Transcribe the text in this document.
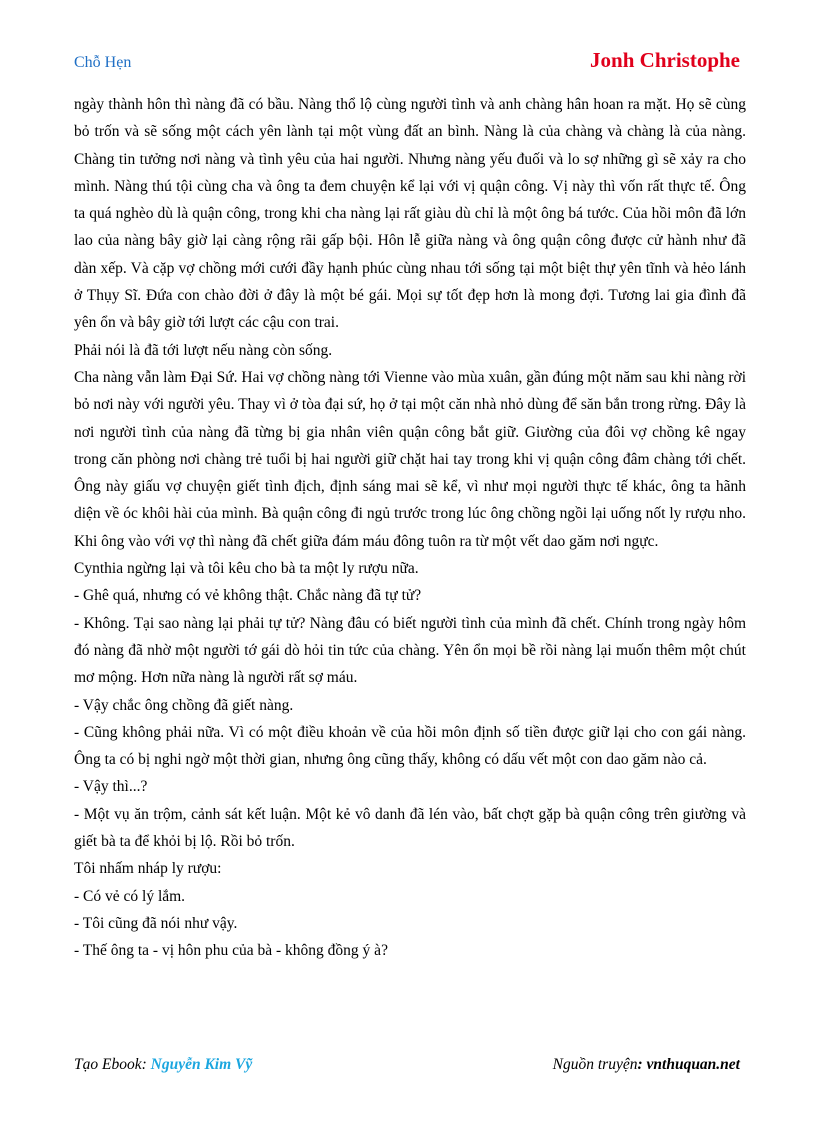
Chỗ Hẹn	Jonh Christophe

ngày thành hôn thì nàng đã có bầu. Nàng thổ lộ cùng người tình và anh chàng hân hoan ra mặt. Họ sẽ cùng bỏ trốn và sẽ sống một cách yên lành tại một vùng đất an bình. Nàng là của chàng và chàng là của nàng. Chàng tin tưởng nơi nàng và tình yêu của hai người. Nhưng nàng yếu đuối và lo sợ những gì sẽ xảy ra cho mình. Nàng thú tội cùng cha và ông ta đem chuyện kể lại với vị quận công. Vị này thì vốn rất thực tế. Ông ta quá nghèo dù là quận công, trong khi cha nàng lại rất giàu dù chỉ là một ông bá tước. Của hồi môn đã lớn lao của nàng bây giờ lại càng rộng rãi gấp bội. Hôn lễ giữa nàng và ông quận công được cử hành như đã dàn xếp. Và cặp vợ chồng mới cưới đầy hạnh phúc cùng nhau tới sống tại một biệt thự yên tĩnh và hẻo lánh ở Thụy Sĩ. Đứa con chào đời ở đây là một bé gái. Mọi sự tốt đẹp hơn là mong đợi. Tương lai gia đình đã yên ổn và bây giờ tới lượt các cậu con trai.

Phải nói là đã tới lượt nếu nàng còn sống.

Cha nàng vẫn làm Đại Sứ. Hai vợ chồng nàng tới Vienne vào mùa xuân, gần đúng một năm sau khi nàng rời bỏ nơi này với người yêu. Thay vì ở tòa đại sứ, họ ở tại một căn nhà nhỏ dùng để săn bắn trong rừng. Đây là nơi người tình của nàng đã từng bị gia nhân viên quận công bắt giữ. Giường của đôi vợ chồng kê ngay trong căn phòng nơi chàng trẻ tuổi bị hai người giữ chặt hai tay trong khi vị quận công đâm chàng tới chết. Ông này giấu vợ chuyện giết tình địch, định sáng mai sẽ kể, vì như mọi người thực tế khác, ông ta hãnh diện về óc khôi hài của mình. Bà quận công đi ngủ trước trong lúc ông chồng ngồi lại uống nốt ly rượu nho. Khi ông vào với vợ thì nàng đã chết giữa đám máu đông tuôn ra từ một vết dao găm nơi ngực.

Cynthia ngừng lại và tôi kêu cho bà ta một ly rượu nữa.

- Ghê quá, nhưng có vẻ không thật. Chắc nàng đã tự tử?

- Không. Tại sao nàng lại phải tự tử? Nàng đâu có biết người tình của mình đã chết. Chính trong ngày hôm đó nàng đã nhờ một người tớ gái dò hỏi tin tức của chàng. Yên ổn mọi bề rồi nàng lại muốn thêm một chút mơ mộng. Hơn nữa nàng là người rất sợ máu.

- Vậy chắc ông chồng đã giết nàng.

- Cũng không phải nữa. Vì có một điều khoản về của hồi môn định số tiền được giữ lại cho con gái nàng. Ông ta có bị nghi ngờ một thời gian, nhưng ông cũng thấy, không có dấu vết một con dao găm nào cả.

- Vậy thì...?

- Một vụ ăn trộm, cảnh sát kết luận. Một kẻ vô danh đã lén vào, bất chợt gặp bà quận công trên giường và giết bà ta để khỏi bị lộ. Rồi bỏ trốn.

Tôi nhấm nháp ly rượu:

- Có vẻ có lý lắm.

- Tôi cũng đã nói như vậy.

- Thế ông ta - vị hôn phu của bà - không đồng ý à?

Tạo Ebook: Nguyễn Kim Vỹ	Nguồn truyện: vnthuquan.net
